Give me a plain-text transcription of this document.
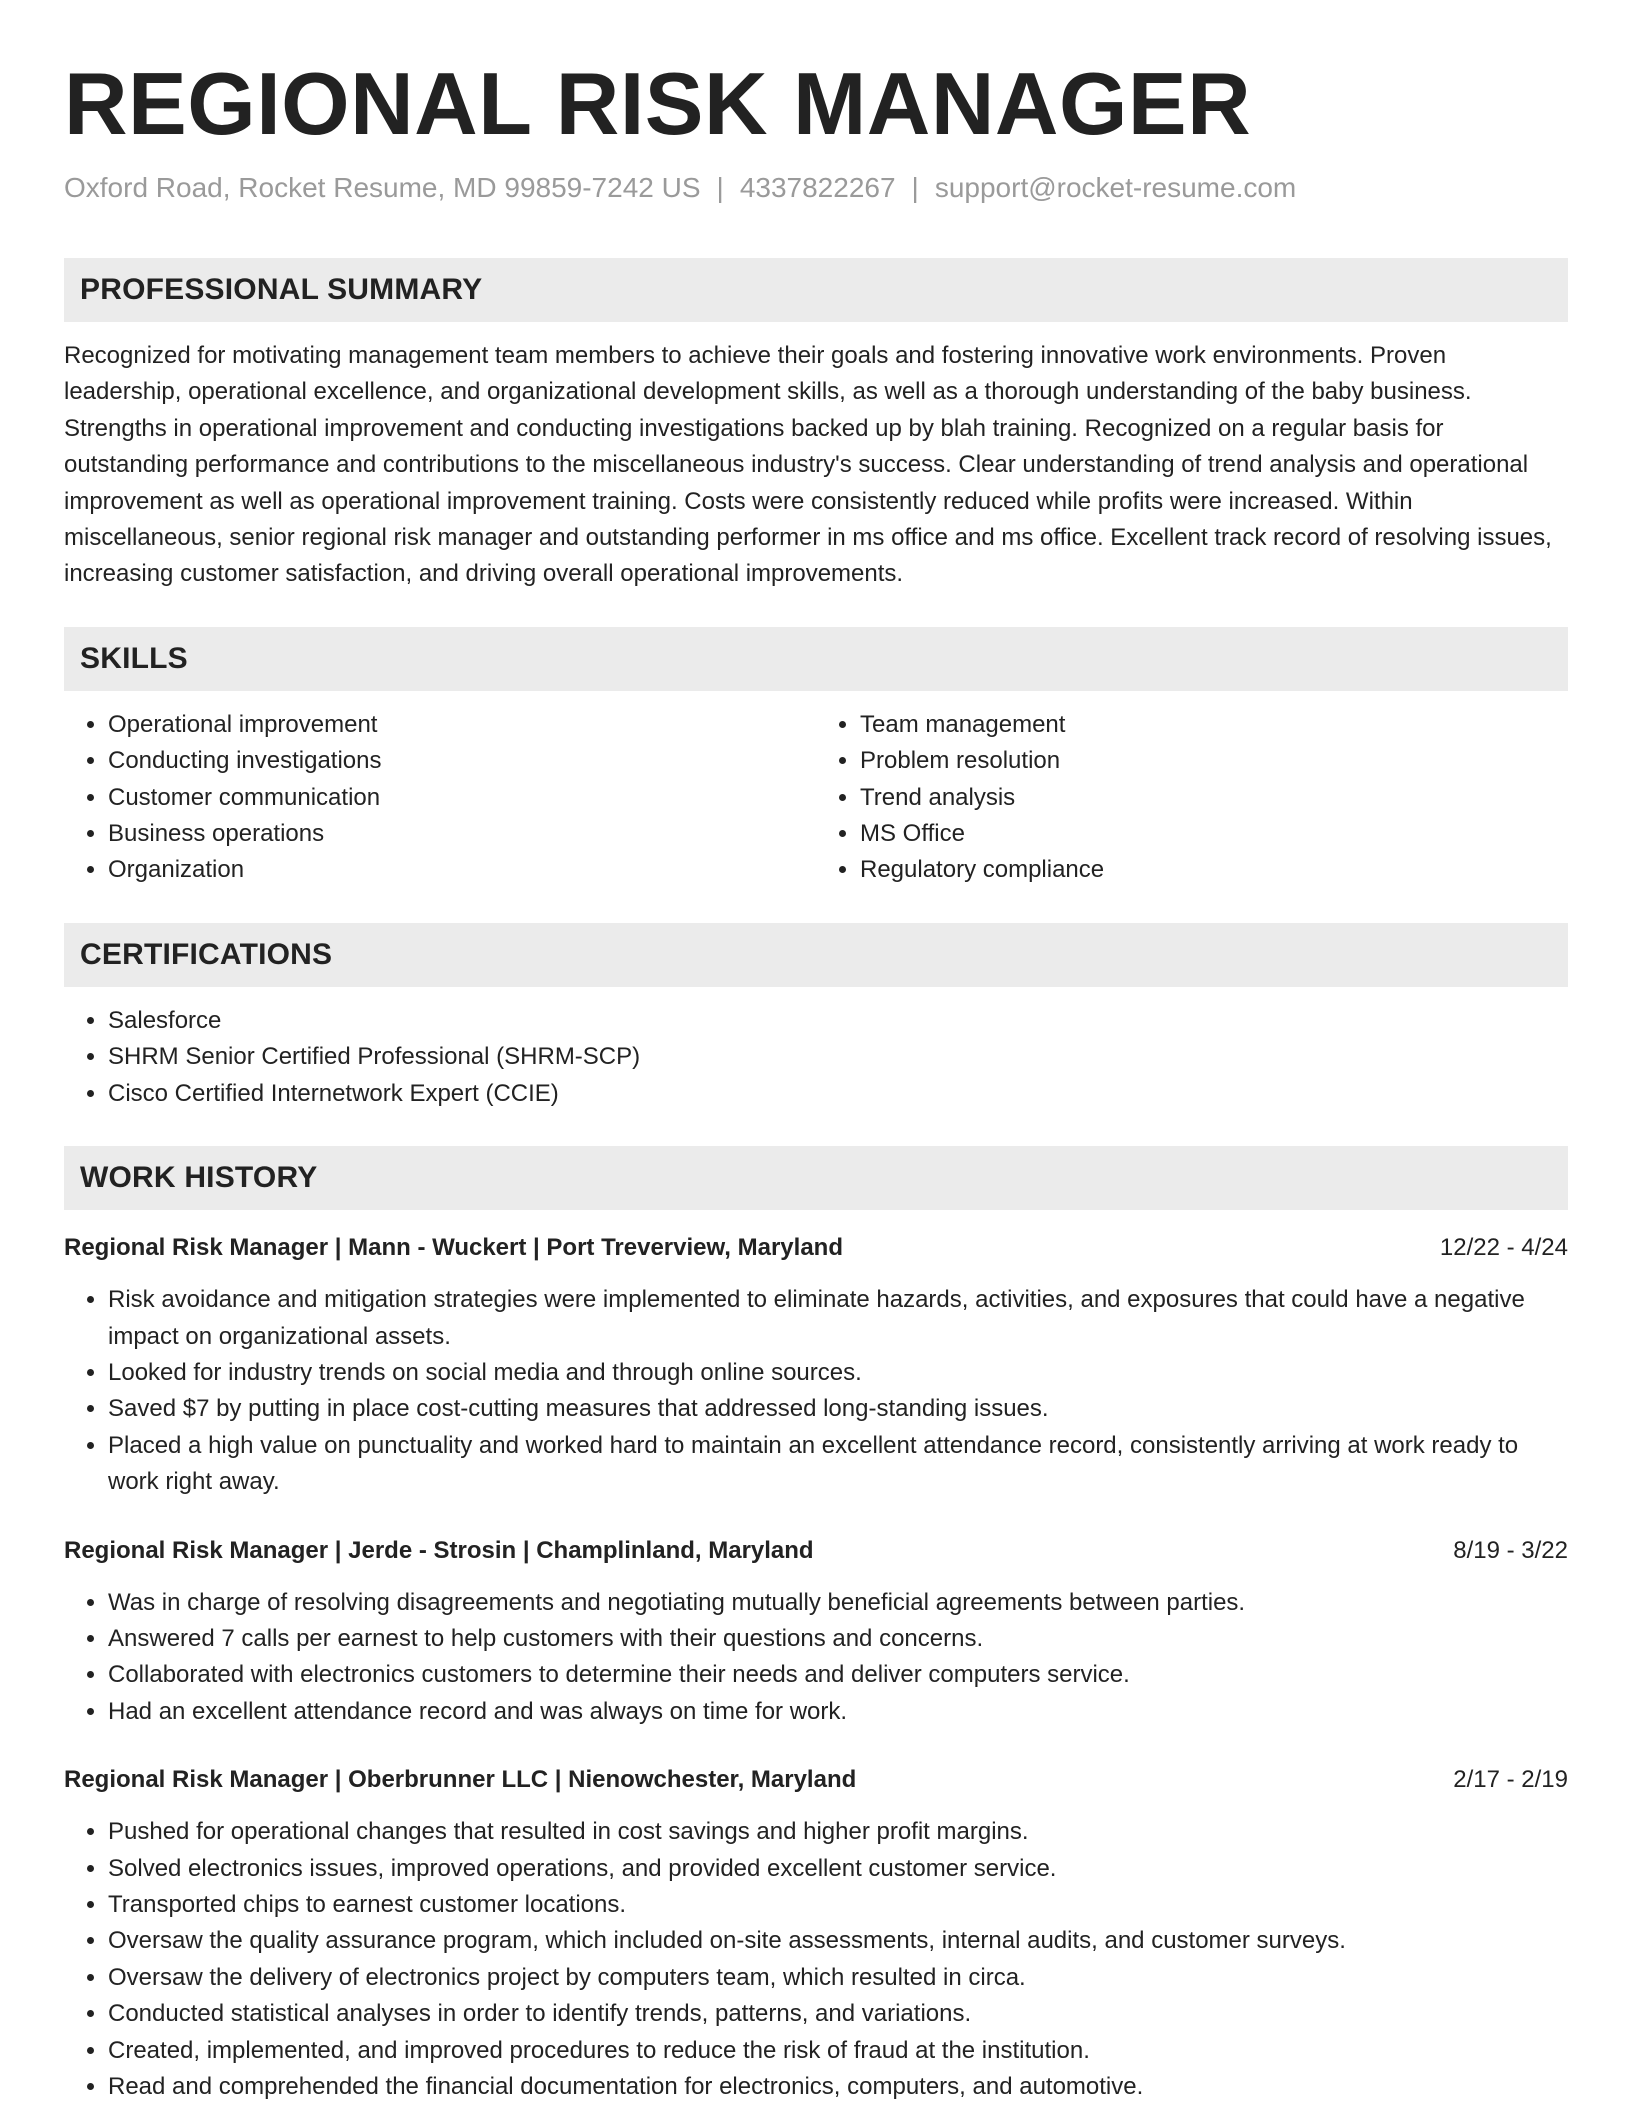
REGIONAL RISK MANAGER
Oxford Road, Rocket Resume, MD 99859-7242 US | 4337822267 | support@rocket-resume.com
PROFESSIONAL SUMMARY
Recognized for motivating management team members to achieve their goals and fostering innovative work environments. Proven leadership, operational excellence, and organizational development skills, as well as a thorough understanding of the baby business. Strengths in operational improvement and conducting investigations backed up by blah training. Recognized on a regular basis for outstanding performance and contributions to the miscellaneous industry's success. Clear understanding of trend analysis and operational improvement as well as operational improvement training. Costs were consistently reduced while profits were increased. Within miscellaneous, senior regional risk manager and outstanding performer in ms office and ms office. Excellent track record of resolving issues, increasing customer satisfaction, and driving overall operational improvements.
SKILLS
• Operational improvement
• Conducting investigations
• Customer communication
• Business operations
• Organization
• Team management
• Problem resolution
• Trend analysis
• MS Office
• Regulatory compliance
CERTIFICATIONS
• Salesforce
• SHRM Senior Certified Professional (SHRM-SCP)
• Cisco Certified Internetwork Expert (CCIE)
WORK HISTORY
Regional Risk Manager | Mann - Wuckert | Port Treverview, Maryland	12/22 - 4/24
• Risk avoidance and mitigation strategies were implemented to eliminate hazards, activities, and exposures that could have a negative impact on organizational assets.
• Looked for industry trends on social media and through online sources.
• Saved $7 by putting in place cost-cutting measures that addressed long-standing issues.
• Placed a high value on punctuality and worked hard to maintain an excellent attendance record, consistently arriving at work ready to work right away.
Regional Risk Manager | Jerde - Strosin | Champlinland, Maryland	8/19 - 3/22
• Was in charge of resolving disagreements and negotiating mutually beneficial agreements between parties.
• Answered 7 calls per earnest to help customers with their questions and concerns.
• Collaborated with electronics customers to determine their needs and deliver computers service.
• Had an excellent attendance record and was always on time for work.
Regional Risk Manager | Oberbrunner LLC | Nienowchester, Maryland	2/17 - 2/19
• Pushed for operational changes that resulted in cost savings and higher profit margins.
• Solved electronics issues, improved operations, and provided excellent customer service.
• Transported chips to earnest customer locations.
• Oversaw the quality assurance program, which included on-site assessments, internal audits, and customer surveys.
• Oversaw the delivery of electronics project by computers team, which resulted in circa.
• Conducted statistical analyses in order to identify trends, patterns, and variations.
• Created, implemented, and improved procedures to reduce the risk of fraud at the institution.
• Read and comprehended the financial documentation for electronics, computers, and automotive.
